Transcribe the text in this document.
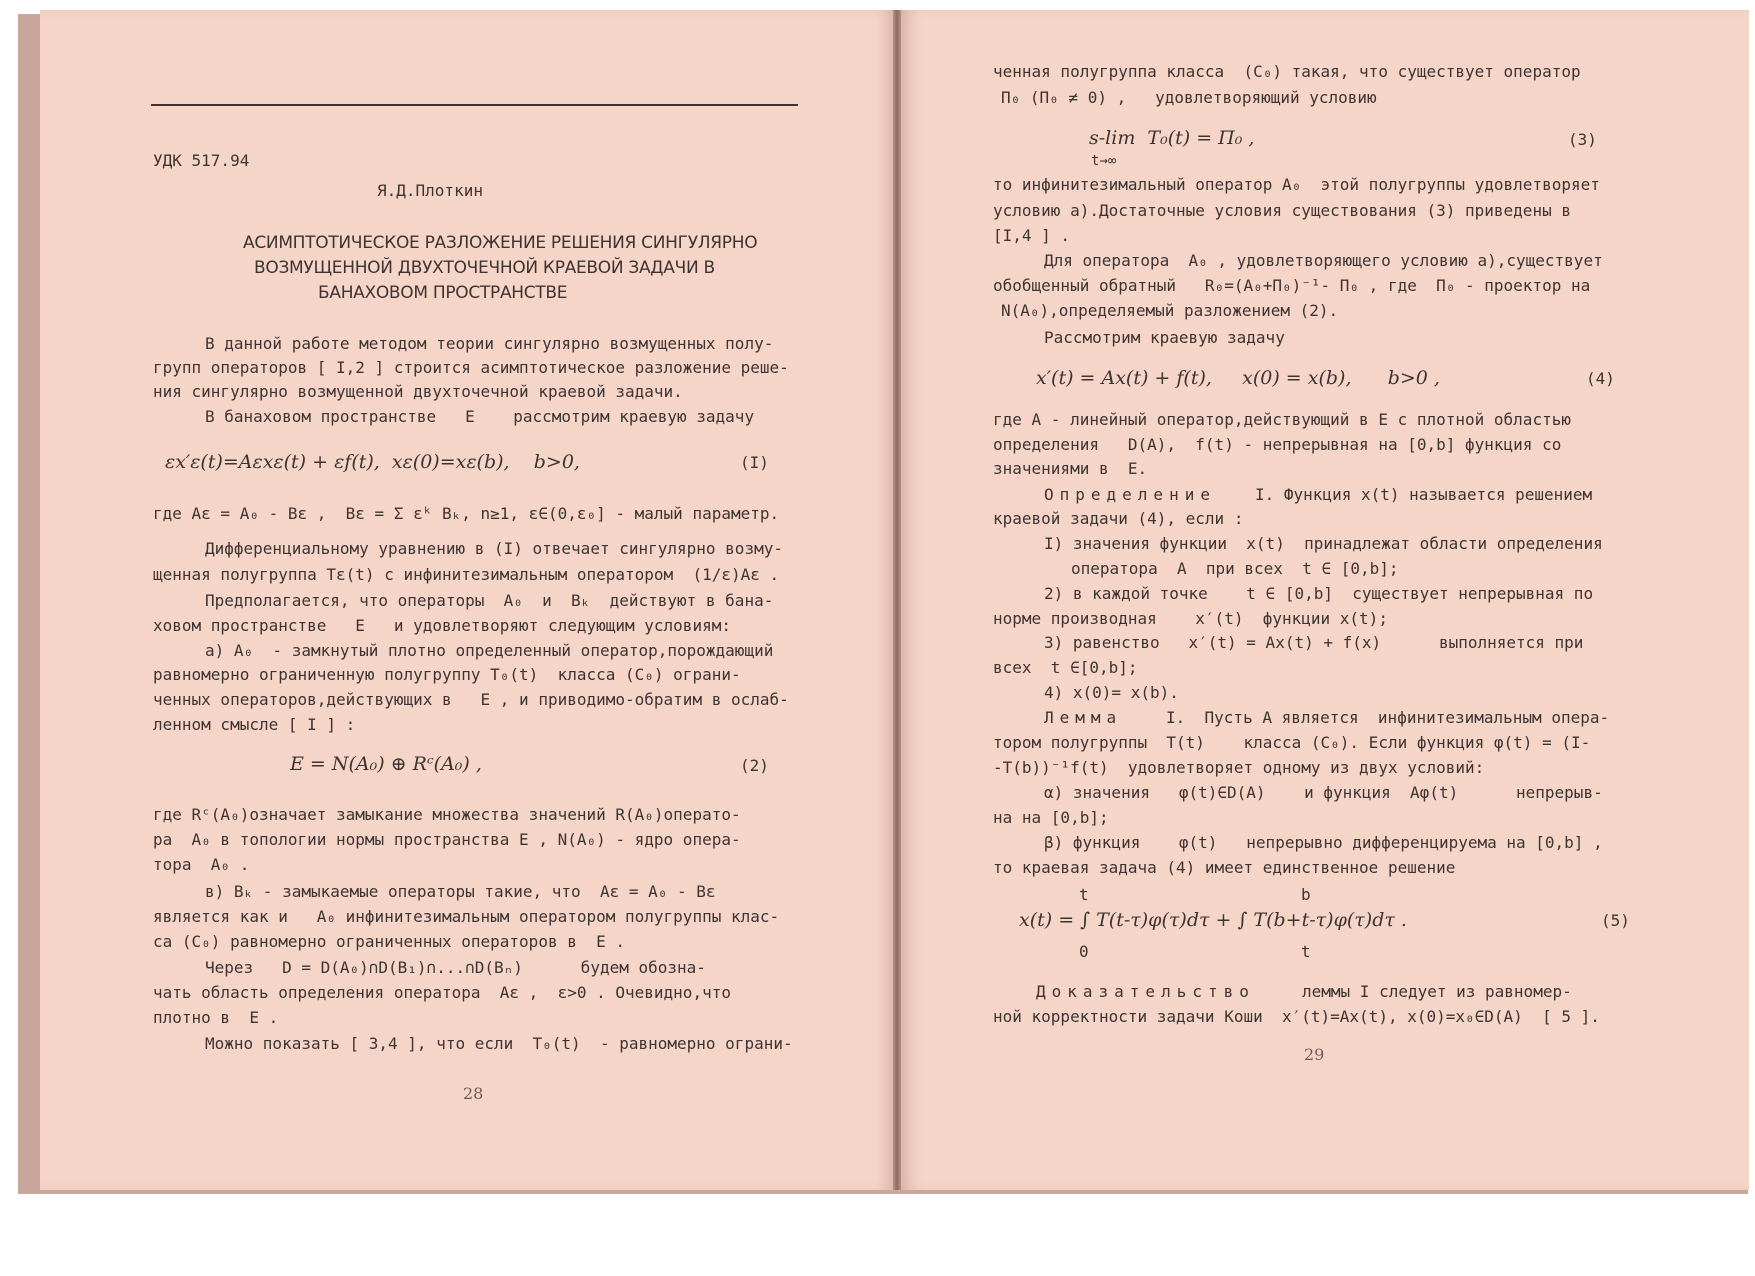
УДК 517.94
Я.Д.Плоткин
АСИМПТОТИЧЕСКОЕ РАЗЛОЖЕНИЕ РЕШЕНИЯ СИНГУЛЯРНО
ВОЗМУЩЕННОЙ ДВУХТОЧЕЧНОЙ КРАЕВОЙ ЗАДАЧИ В
БАНАХОВОМ ПРОСТРАНСТВЕ
В данной работе методом теории сингулярно возмущенных полу-
групп операторов [ I,2 ] строится асимптотическое разложение реше-
ния сингулярно возмущенной двухточечной краевой задачи.
В банаховом пространстве   E    рассмотрим краевую задачу
εx′ε(t)=Aεxε(t) + εf(t),  xε(0)=xε(b),    b>0,	(I)
где Aε = A₀ - Bε ,  Bε = Σ εᵏ Bₖ, n≥1, ε∈(0,ε₀] - малый параметр.
Дифференциальному уравнению в (I) отвечает сингулярно возму-
щенная полугруппа Tε(t) с инфинитезимальным оператором  (1/ε)Aε .
Предполагается, что операторы  A₀  и  Bₖ  действуют в бана-
ховом пространстве   E   и удовлетворяют следующим условиям:
а) A₀  - замкнутый плотно определенный оператор,порождающий
равномерно ограниченную полугруппу T₀(t)  класса (C₀) ограни-
ченных операторов,действующих в   E , и приводимо-обратим в ослаб-
ленном смысле [ I ] :
E = N(A₀) ⊕ Rᶜ(A₀) ,	(2)
где Rᶜ(A₀)означает замыкание множества значений R(A₀)операто-
ра  A₀ в топологии нормы пространства E , N(A₀) - ядро опера-
тора  A₀ .
в) Bₖ - замыкаемые операторы такие, что  Aε = A₀ - Bε
является как и   A₀ инфинитезимальным оператором полугруппы клас-
са (C₀) равномерно ограниченных операторов в  E .
Через   D = D(A₀)∩D(B₁)∩...∩D(Bₙ)      будем обозна-
чать область определения оператора  Aε ,  ε>0 . Очевидно,что
плотно в  E .
Можно показать [ 3,4 ], что если  T₀(t)  - равномерно ограни-
28
ченная полугруппа класса  (C₀) такая, что существует оператор
Π₀ (Π₀ ≠ 0) ,   удовлетворяющий условию
s-lim  T₀(t) = Π₀ ,
t→∞
(3)
то инфинитезимальный оператор A₀  этой полугруппы удовлетворяет
условию а).Достаточные условия существования (3) приведены в
[I,4 ] .
Для оператора  A₀ , удовлетворяющего условию а),существует
обобщенный обратный   R₀=(A₀+Π₀)⁻¹- Π₀ , где  Π₀ - проектор на
N(A₀),определяемый разложением (2).
Рассмотрим краевую задачу
x′(t) = Ax(t) + f(t),     x(0) = x(b),      b>0 ,	(4)
где A - линейный оператор,действующий в E с плотной областью
определения   D(A),  f(t) - непрерывная на [0,b] функция со
значениями в  E.
Определение I. Функция x(t) называется решением
краевой задачи (4), если :
I) значения функции  x(t)  принадлежат области определения
оператора  A  при всех  t ∈ [0,b];
2) в каждой точке    t ∈ [0,b]  существует непрерывная по
норме производная    x′(t)  функции x(t);
3) равенство   x′(t) = Ax(t) + f(x)      выполняется при
всех  t ∈[0,b];
4) x(0)= x(b).
Лемма	I.  Пусть A является  инфинитезимальным опера-
тором полугруппы  T(t)    класса (C₀). Если функция φ(t) = (I-
-T(b))⁻¹f(t)  удовлетворяет одному из двух условий:
α) значения   φ(t)∈D(A)    и функция  Aφ(t)      непрерыв-
на на [0,b];
β) функция    φ(t)   непрерывно дифференцируема на [0,b] ,
то краевая задача (4) имеет единственное решение
t	b
x(t) = ∫ T(t-τ)φ(τ)dτ + ∫ T(b+t-τ)φ(τ)dτ .
0	t
(5)
Доказательство	леммы I следует из равномер-
ной корректности задачи Коши  x′(t)=Ax(t), x(0)=x₀∈D(A)  [ 5 ].
29
